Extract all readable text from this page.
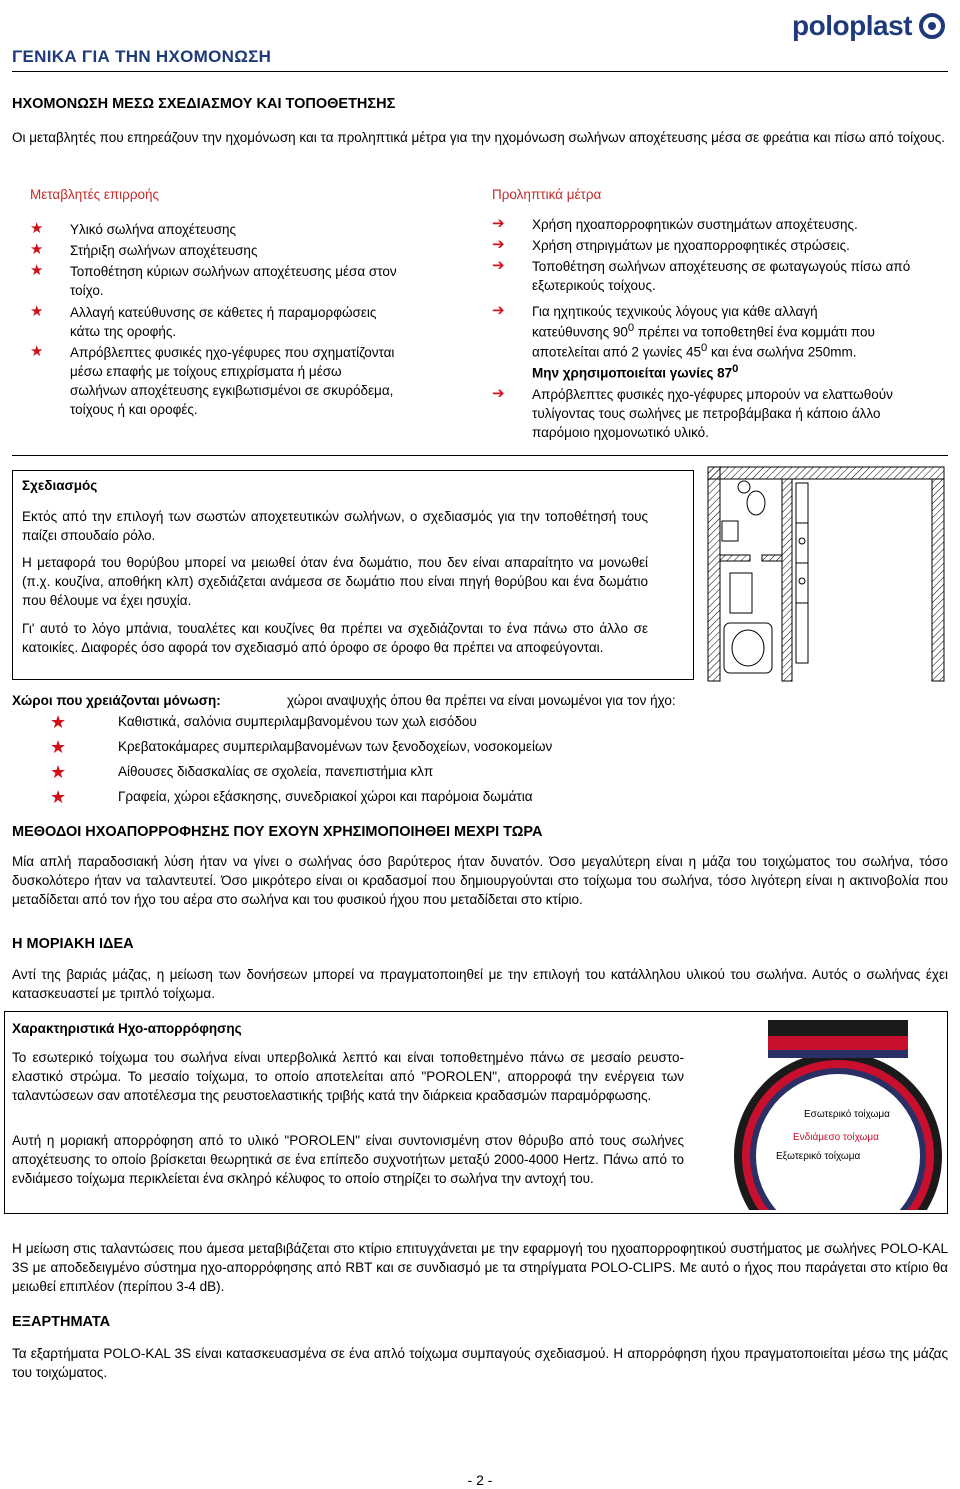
poloplast
ΓΕΝΙΚΑ ΓΙΑ ΤΗΝ ΗΧΟΜΟΝΩΣΗ
ΗΧΟΜΟΝΩΣΗ ΜΕΣΩ ΣΧΕΔΙΑΣΜΟΥ ΚΑΙ ΤΟΠΟΘΕΤΗΣΗΣ
Οι μεταβλητές που επηρεάζουν την ηχομόνωση και τα προληπτικά μέτρα για την ηχομόνωση σωλήνων αποχέτευσης μέσα σε φρεάτια και πίσω από τοίχους.
Μεταβλητές επιρροής
★ Υλικό σωλήνα αποχέτευσης
★ Στήριξη σωλήνων αποχέτευσης
★ Τοποθέτηση κύριων σωλήνων αποχέτευσης μέσα στον τοίχο.
★ Αλλαγή κατεύθυνσης σε κάθετες ή παραμορφώσεις κάτω της οροφής.
★ Απρόβλεπτες φυσικές ηχο-γέφυρες που σχηματίζονται μέσω επαφής με τοίχους επιχρίσματα ή μέσω σωλήνων αποχέτευσης εγκιβωτισμένοι σε σκυρόδεμα, τοίχους ή και οροφές.
Προληπτικά μέτρα
➔ Χρήση ηχοαπορροφητικών συστημάτων αποχέτευσης.
➔ Χρήση στηριγμάτων με ηχοαπορροφητικές στρώσεις.
➔ Τοποθέτηση σωλήνων αποχέτευσης σε φωταγωγούς πίσω από εξωτερικούς τοίχους.
➔ Για ηχητικούς τεχνικούς λόγους για κάθε αλλαγή
κατεύθυνσης $90^0$ πρέπει να τοποθετηθεί ένα κομμάτι που
αποτελείται από 2 γωνίες $45^0$ και ένα σωλήνα 250mm.
Μην χρησιμοποιείται γωνίες $87^0$
➔ Απρόβλεπτες φυσικές ηχο-γέφυρες μπορούν να ελαττωθούν τυλίγοντας τους σωλήνες με πετροβάμβακα ή κάποιο άλλο παρόμοιο ηχομονωτικό υλικό.
Σχεδιασμός
Εκτός από την επιλογή των σωστών αποχετευτικών σωλήνων, ο σχεδιασμός για την τοποθέτησή τους παίζει σπουδαίο ρόλο.
Η μεταφορά του θορύβου μπορεί να μειωθεί όταν ένα δωμάτιο, που δεν είναι απαραίτητο να μονωθεί (π.χ. κουζίνα, αποθήκη κλπ) σχεδιάζεται ανάμεσα σε δωμάτιο που είναι πηγή θορύβου και ένα δωμάτιο που θέλουμε να έχει ησυχία.
Γι' αυτό το λόγο μπάνια, τουαλέτες και κουζίνες θα πρέπει να σχεδιάζονται το ένα πάνω στο άλλο σε κατοικίες. Διαφορές όσο αφορά τον σχεδιασμό από όροφο σε όροφο θα πρέπει να αποφεύγονται.
Χώροι που χρειάζονται μόνωση:	χώροι αναψυχής όπου θα πρέπει να είναι μονωμένοι για τον ήχο:
★	Καθιστικά, σαλόνια συμπεριλαμβανομένου των χωλ εισόδου
★	Κρεβατοκάμαρες συμπεριλαμβανομένων των ξενοδοχείων, νοσοκομείων
★	Αίθουσες διδασκαλίας σε σχολεία, πανεπιστήμια κλπ
★	Γραφεία, χώροι εξάσκησης, συνεδριακοί χώροι και παρόμοια δωμάτια
ΜΕΘΟΔΟΙ ΗΧΟΑΠΟΡΡΟΦΗΣΗΣ ΠΟΥ ΕΧΟΥΝ ΧΡΗΣΙΜΟΠΟΙΗΘΕΙ ΜΕΧΡΙ ΤΩΡΑ
Μία απλή παραδοσιακή λύση ήταν να γίνει ο σωλήνας όσο βαρύτερος ήταν δυνατόν. Όσο μεγαλύτερη είναι η μάζα του τοιχώματος του σωλήνα, τόσο δυσκολότερο ήταν να ταλαντευτεί. Όσο μικρότερο είναι οι κραδασμοί που δημιουργούνται στο τοίχωμα του σωλήνα, τόσο λιγότερη είναι η ακτινοβολία που μεταδίδεται από τον ήχο του αέρα στο σωλήνα και του φυσικού ήχου που μεταδίδεται στο κτίριο.
Η ΜΟΡΙΑΚΗ ΙΔΕΑ
Αντί της βαριάς μάζας, η μείωση των δονήσεων μπορεί να πραγματοποιηθεί με την επιλογή του κατάλληλου υλικού του σωλήνα. Αυτός ο σωλήνας έχει κατασκευαστεί με τριπλό τοίχωμα.
Χαρακτηριστικά Ηχο-απορρόφησης
Το εσωτερικό τοίχωμα του σωλήνα είναι υπερβολικά λεπτό και είναι τοποθετημένο πάνω σε μεσαίο ρευστο-ελαστικό στρώμα. Το μεσαίο τοίχωμα, το οποίο αποτελείται από "POROLEN", απορροφά την ενέργεια των ταλαντώσεων σαν αποτέλεσμα της ρευστοελαστικής τριβής κατά την διάρκεια κραδασμών παραμόρφωσης.
Αυτή η μοριακή απορρόφηση από το υλικό "POROLEN" είναι συντονισμένη στον θόρυβο από τους σωλήνες αποχέτευσης το οποίο βρίσκεται θεωρητικά σε ένα επίπεδο συχνοτήτων μεταξύ 2000-4000 Hertz. Πάνω από το ενδιάμεσο τοίχωμα περικλείεται ένα σκληρό κέλυφος το οποίο στηρίζει το σωλήνα την αντοχή του.
Εσωτερικό τοίχωμα
Ενδιάμεσο τοίχωμα
Εξωτερικό τοίχωμα
Η μείωση στις ταλαντώσεις που άμεσα μεταβιβάζεται στο κτίριο επιτυγχάνεται με την εφαρμογή του ηχοαπορροφητικού συστήματος με σωλήνες POLO-KAL 3S με αποδεδειγμένο σύστημα ηχο-απορρόφησης από RBT και σε συνδιασμό με τα στηρίγματα POLO-CLIPS. Με αυτό ο ήχος που παράγεται στο κτίριο θα μειωθεί επιπλέον (περίπου 3-4 dB).
ΕΞΑΡΤΗΜΑΤΑ
Τα εξαρτήματα POLO-KAL 3S είναι κατασκευασμένα σε ένα απλό τοίχωμα συμπαγούς σχεδιασμού. Η απορρόφηση ήχου πραγματοποιείται μέσω της μάζας του τοιχώματος.
- 2 -
